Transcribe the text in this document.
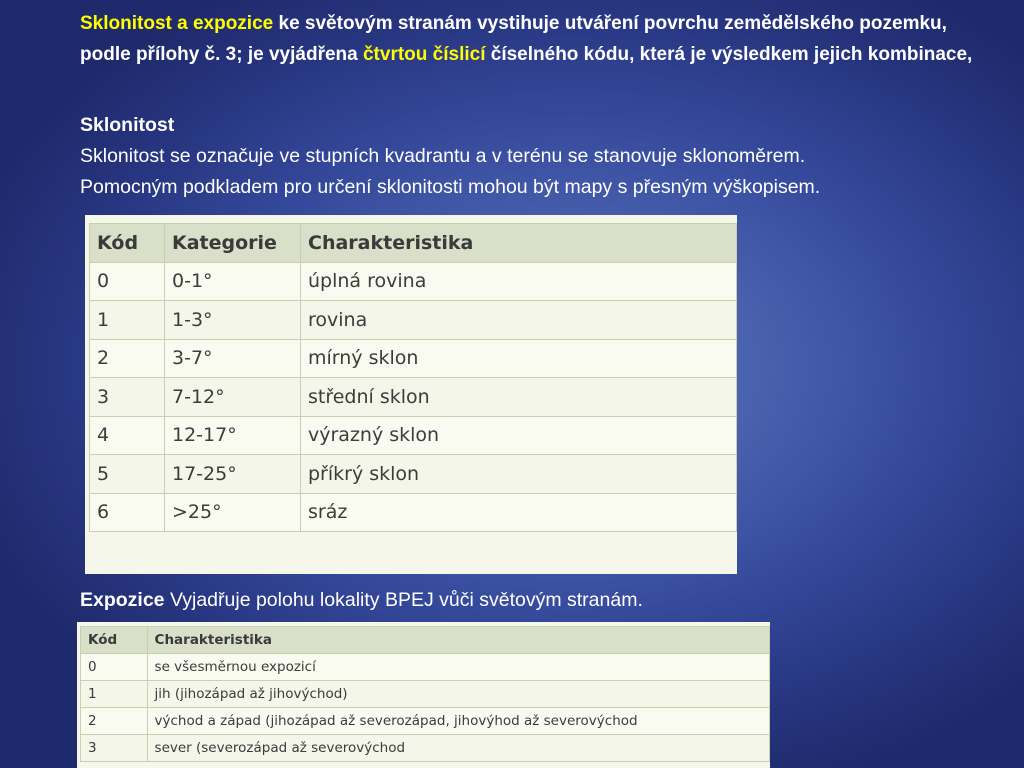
Sklonitost a expozice ke světovým stranám vystihuje utváření povrchu zemědělského pozemku, podle přílohy č. 3; je vyjádřena čtvrtou číslicí číselného kódu, která je výsledkem jejich kombinace,
Sklonitost
Sklonitost se označuje ve stupních kvadrantu a v terénu se stanovuje sklonoměrem.
Pomocným podkladem pro určení sklonitosti mohou být mapy s přesným výškopisem.
Kód	Kategorie	Charakteristika
0	0-1°	úplná rovina
1	1-3°	rovina
2	3-7°	mírný sklon
3	7-12°	střední sklon
4	12-17°	výrazný sklon
5	17-25°	příkrý sklon
6	>25°	sráz
Expozice Vyjadřuje polohu lokality BPEJ vůči světovým stranám.
Kód	Charakteristika
0	se všesměrnou expozicí
1	jih (jihozápad až jihovýchod)
2	východ a západ (jihozápad až severozápad, jihovýhod až severovýchod
3	sever (severozápad až severovýchod
